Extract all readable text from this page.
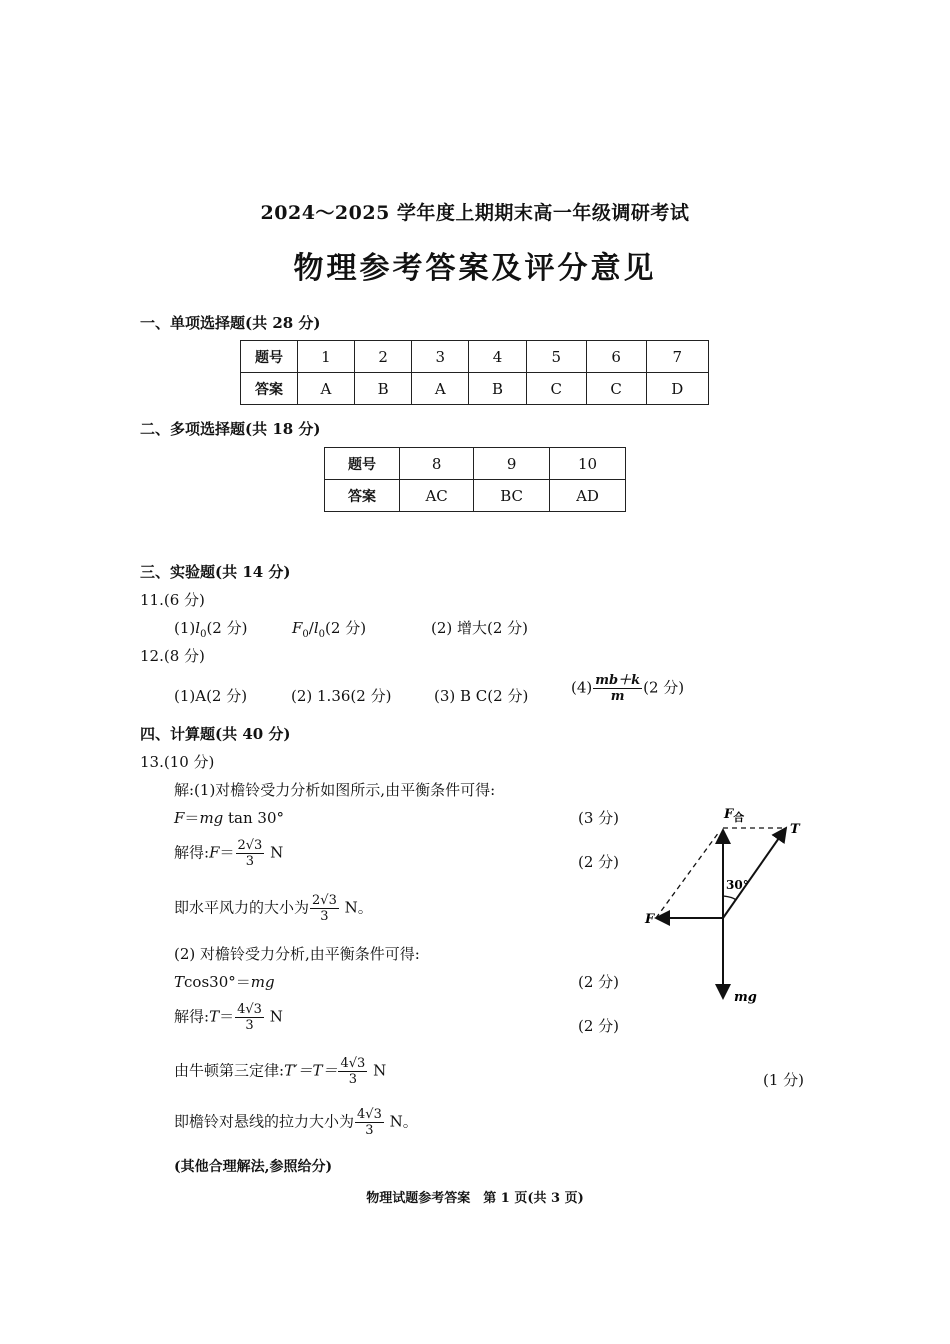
2024～2025 学年度上期期末高一年级调研考试
物理参考答案及评分意见
一、单项选择题(共 28 分)
题号	1	2	3	4	5	6	7
答案	A	B	A	B	C	C	D
二、多项选择题(共 18 分)
题号	8	9	10
答案	AC	BC	AD
三、实验题(共 14 分)
11.(6 分)
$(1)l_0(2$ 分)	$F_0/l_0(2$ 分)	(2) 增大(2 分)
12.(8 分)
(1)A(2 分)	(2) 1.36(2 分)	(3) B C(2 分)	$(4) \frac{mb+k}{m} (2$ 分)
四、计算题(共 40 分)
13.(10 分)
解:(1)对檐铃受力分析如图所示,由平衡条件可得:
F＝mg tan 30°	(3 分)
解得:F＝ $\frac{2√3}{3}$ N
(2 分)
即水平风力的大小为 $\frac{2√3}{3}$ N。
(2) 对檐铃受力分析,由平衡条件可得:
Tcos30°＝mg	(2 分)
解得:T＝ $\frac{4√3}{3}$ N
(2 分)
由牛顿第三定律:T′＝T＝ $\frac{4√3}{3}$ N
(1 分)
即檐铃对悬线的拉力大小为 $\frac{4√3}{3}$ N。
(其他合理解法,参照给分)
$F_合$
T
30°
F
mg
物理试题参考答案　第 1 页(共 3 页)
